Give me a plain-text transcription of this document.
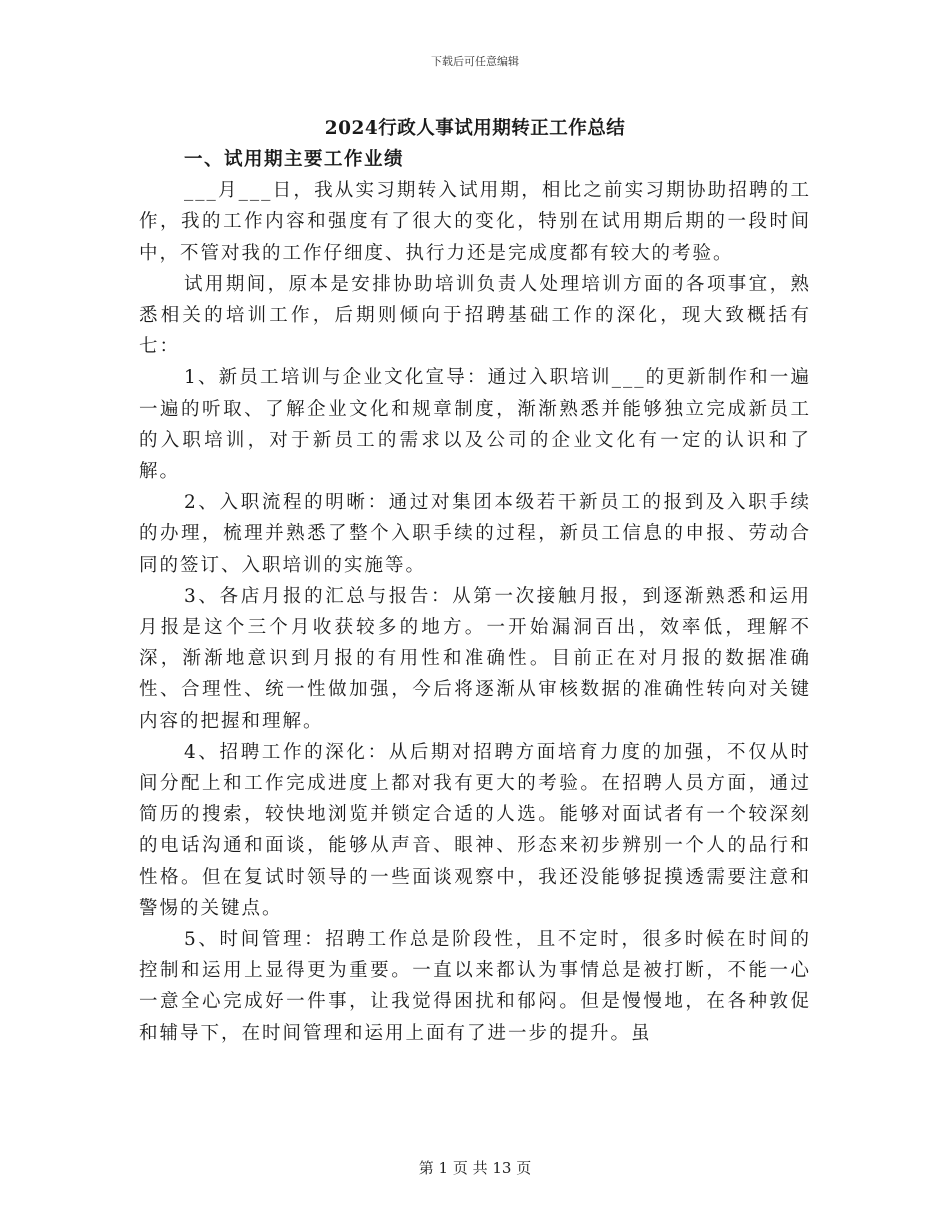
下载后可任意编辑
2024行政人事试用期转正工作总结

一、试用期主要工作业绩

___月___日，我从实习期转入试用期，相比之前实习期协助招聘的工作，我的工作内容和强度有了很大的变化，特别在试用期后期的一段时间中，不管对我的工作仔细度、执行力还是完成度都有较大的考验。

试用期间，原本是安排协助培训负责人处理培训方面的各项事宜，熟悉相关的培训工作，后期则倾向于招聘基础工作的深化，现大致概括有七：

1、新员工培训与企业文化宣导：通过入职培训___的更新制作和一遍一遍的听取、了解企业文化和规章制度，渐渐熟悉并能够独立完成新员工的入职培训，对于新员工的需求以及公司的企业文化有一定的认识和了解。

2、入职流程的明晰：通过对集团本级若干新员工的报到及入职手续的办理，梳理并熟悉了整个入职手续的过程，新员工信息的申报、劳动合同的签订、入职培训的实施等。

3、各店月报的汇总与报告：从第一次接触月报，到逐渐熟悉和运用月报是这个三个月收获较多的地方。一开始漏洞百出，效率低，理解不深，渐渐地意识到月报的有用性和准确性。目前正在对月报的数据准确性、合理性、统一性做加强，今后将逐渐从审核数据的准确性转向对关键内容的把握和理解。

4、招聘工作的深化：从后期对招聘方面培育力度的加强，不仅从时间分配上和工作完成进度上都对我有更大的考验。在招聘人员方面，通过简历的搜索，较快地浏览并锁定合适的人选。能够对面试者有一个较深刻的电话沟通和面谈，能够从声音、眼神、形态来初步辨别一个人的品行和性格。但在复试时领导的一些面谈观察中，我还没能够捉摸透需要注意和警惕的关键点。

5、时间管理：招聘工作总是阶段性，且不定时，很多时候在时间的控制和运用上显得更为重要。一直以来都认为事情总是被打断，不能一心一意全心完成好一件事，让我觉得困扰和郁闷。但是慢慢地，在各种敦促和辅导下，在时间管理和运用上面有了进一步的提升。虽

第 1 页 共 13 页
